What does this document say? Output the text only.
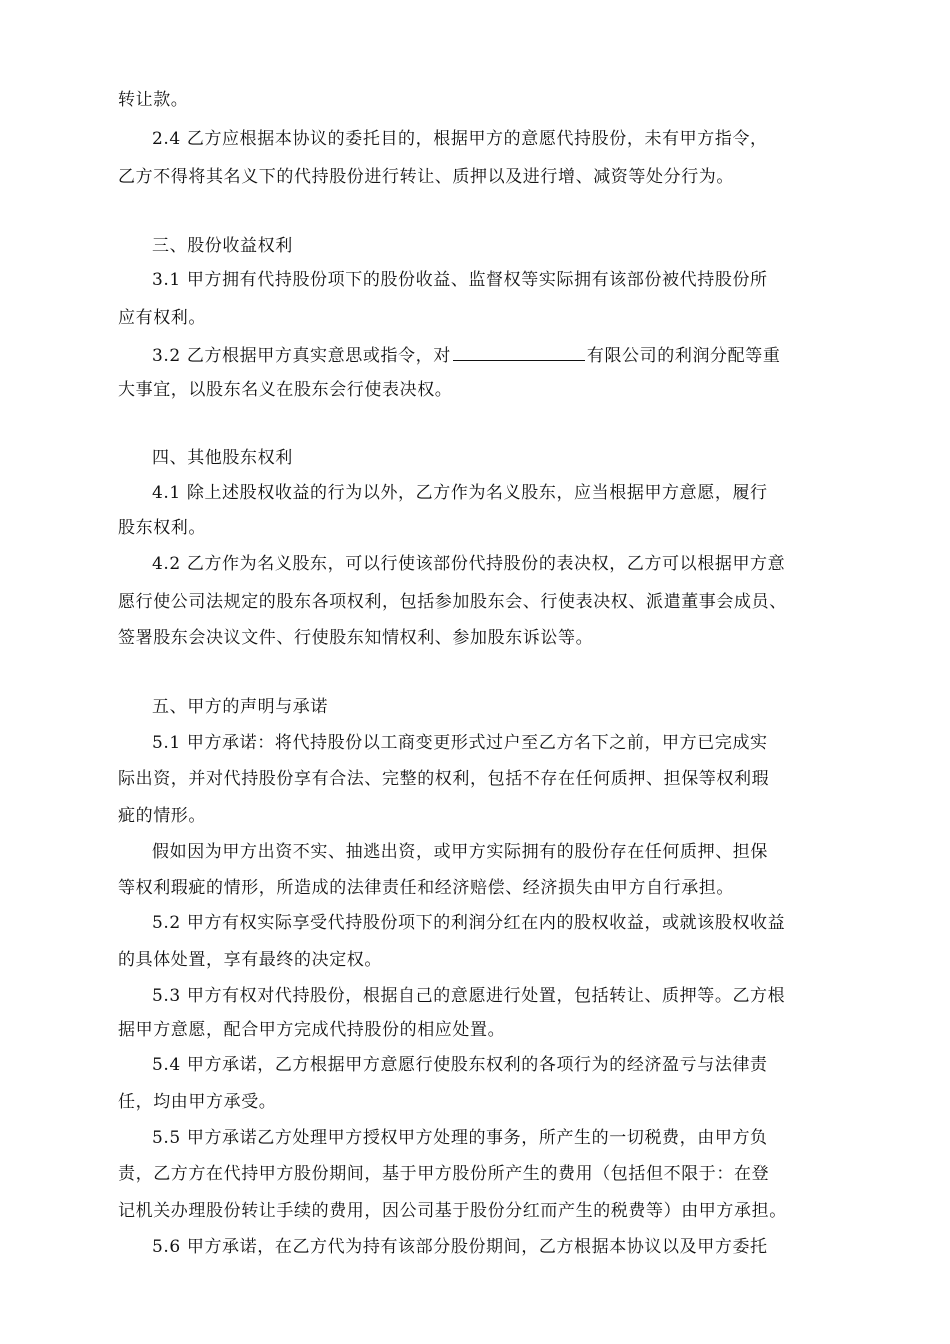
转让款。
2.4 乙方应根据本协议的委托目的，根据甲方的意愿代持股份，未有甲方指令，
乙方不得将其名义下的代持股份进行转让、质押以及进行增、减资等处分行为。
三、股份收益权利
3.1 甲方拥有代持股份项下的股份收益、监督权等实际拥有该部份被代持股份所
应有权利。
3.2 乙方根据甲方真实意思或指令，对	有限公司的利润分配等重
大事宜，以股东名义在股东会行使表决权。
四、其他股东权利
4.1 除上述股权收益的行为以外，乙方作为名义股东，应当根据甲方意愿，履行
股东权利。
4.2 乙方作为名义股东，可以行使该部份代持股份的表决权，乙方可以根据甲方意
愿行使公司法规定的股东各项权利，包括参加股东会、行使表决权、派遣董事会成员、
签署股东会决议文件、行使股东知情权利、参加股东诉讼等。
五、甲方的声明与承诺
5.1 甲方承诺：将代持股份以工商变更形式过户至乙方名下之前，甲方已完成实
际出资，并对代持股份享有合法、完整的权利，包括不存在任何质押、担保等权利瑕
疵的情形。
假如因为甲方出资不实、抽逃出资，或甲方实际拥有的股份存在任何质押、担保
等权利瑕疵的情形，所造成的法律责任和经济赔偿、经济损失由甲方自行承担。
5.2 甲方有权实际享受代持股份项下的利润分红在内的股权收益，或就该股权收益
的具体处置，享有最终的决定权。
5.3 甲方有权对代持股份，根据自己的意愿进行处置，包括转让、质押等。乙方根
据甲方意愿，配合甲方完成代持股份的相应处置。
5.4 甲方承诺，乙方根据甲方意愿行使股东权利的各项行为的经济盈亏与法律责
任，均由甲方承受。
5.5 甲方承诺乙方处理甲方授权甲方处理的事务，所产生的一切税费，由甲方负
责，乙方方在代持甲方股份期间，基于甲方股份所产生的费用（包括但不限于：在登
记机关办理股份转让手续的费用，因公司基于股份分红而产生的税费等）由甲方承担。
5.6 甲方承诺，在乙方代为持有该部分股份期间，乙方根据本协议以及甲方委托
